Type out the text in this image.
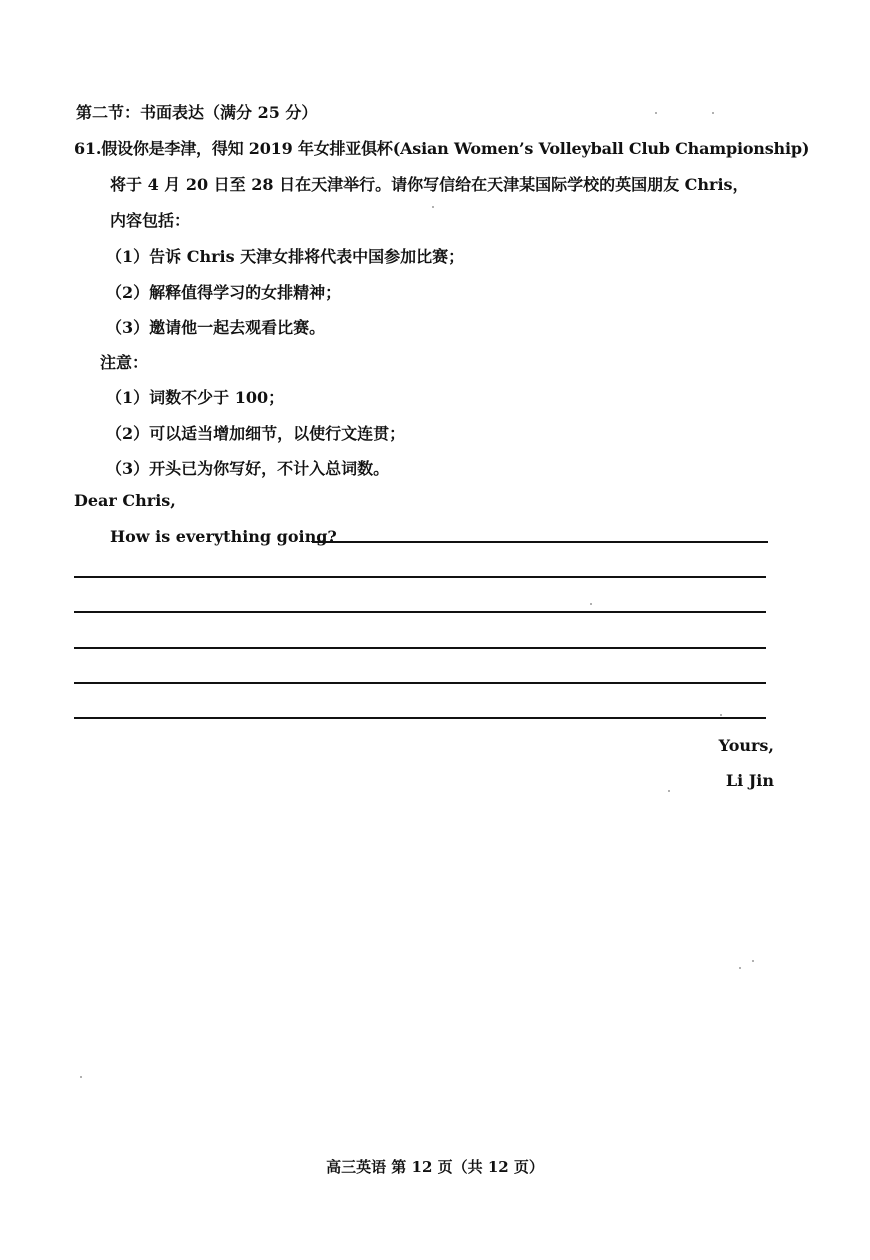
第二节：书面表达（满分 25 分）
61.假设你是李津，得知 2019 年女排亚俱杯(Asian Women’s Volleyball Club Championship)
将于 4 月 20 日至 28 日在天津举行。请你写信给在天津某国际学校的英国朋友 Chris，
内容包括：
（1）告诉 Chris 天津女排将代表中国参加比赛；
（2）解释值得学习的女排精神；
（3）邀请他一起去观看比赛。
注意：
（1）词数不少于 100；
（2）可以适当增加细节，以使行文连贯；
（3）开头已为你写好，不计入总词数。
Dear Chris,
How is everything going?
Yours,
Li Jin
高三英语 第 12 页（共 12 页）
